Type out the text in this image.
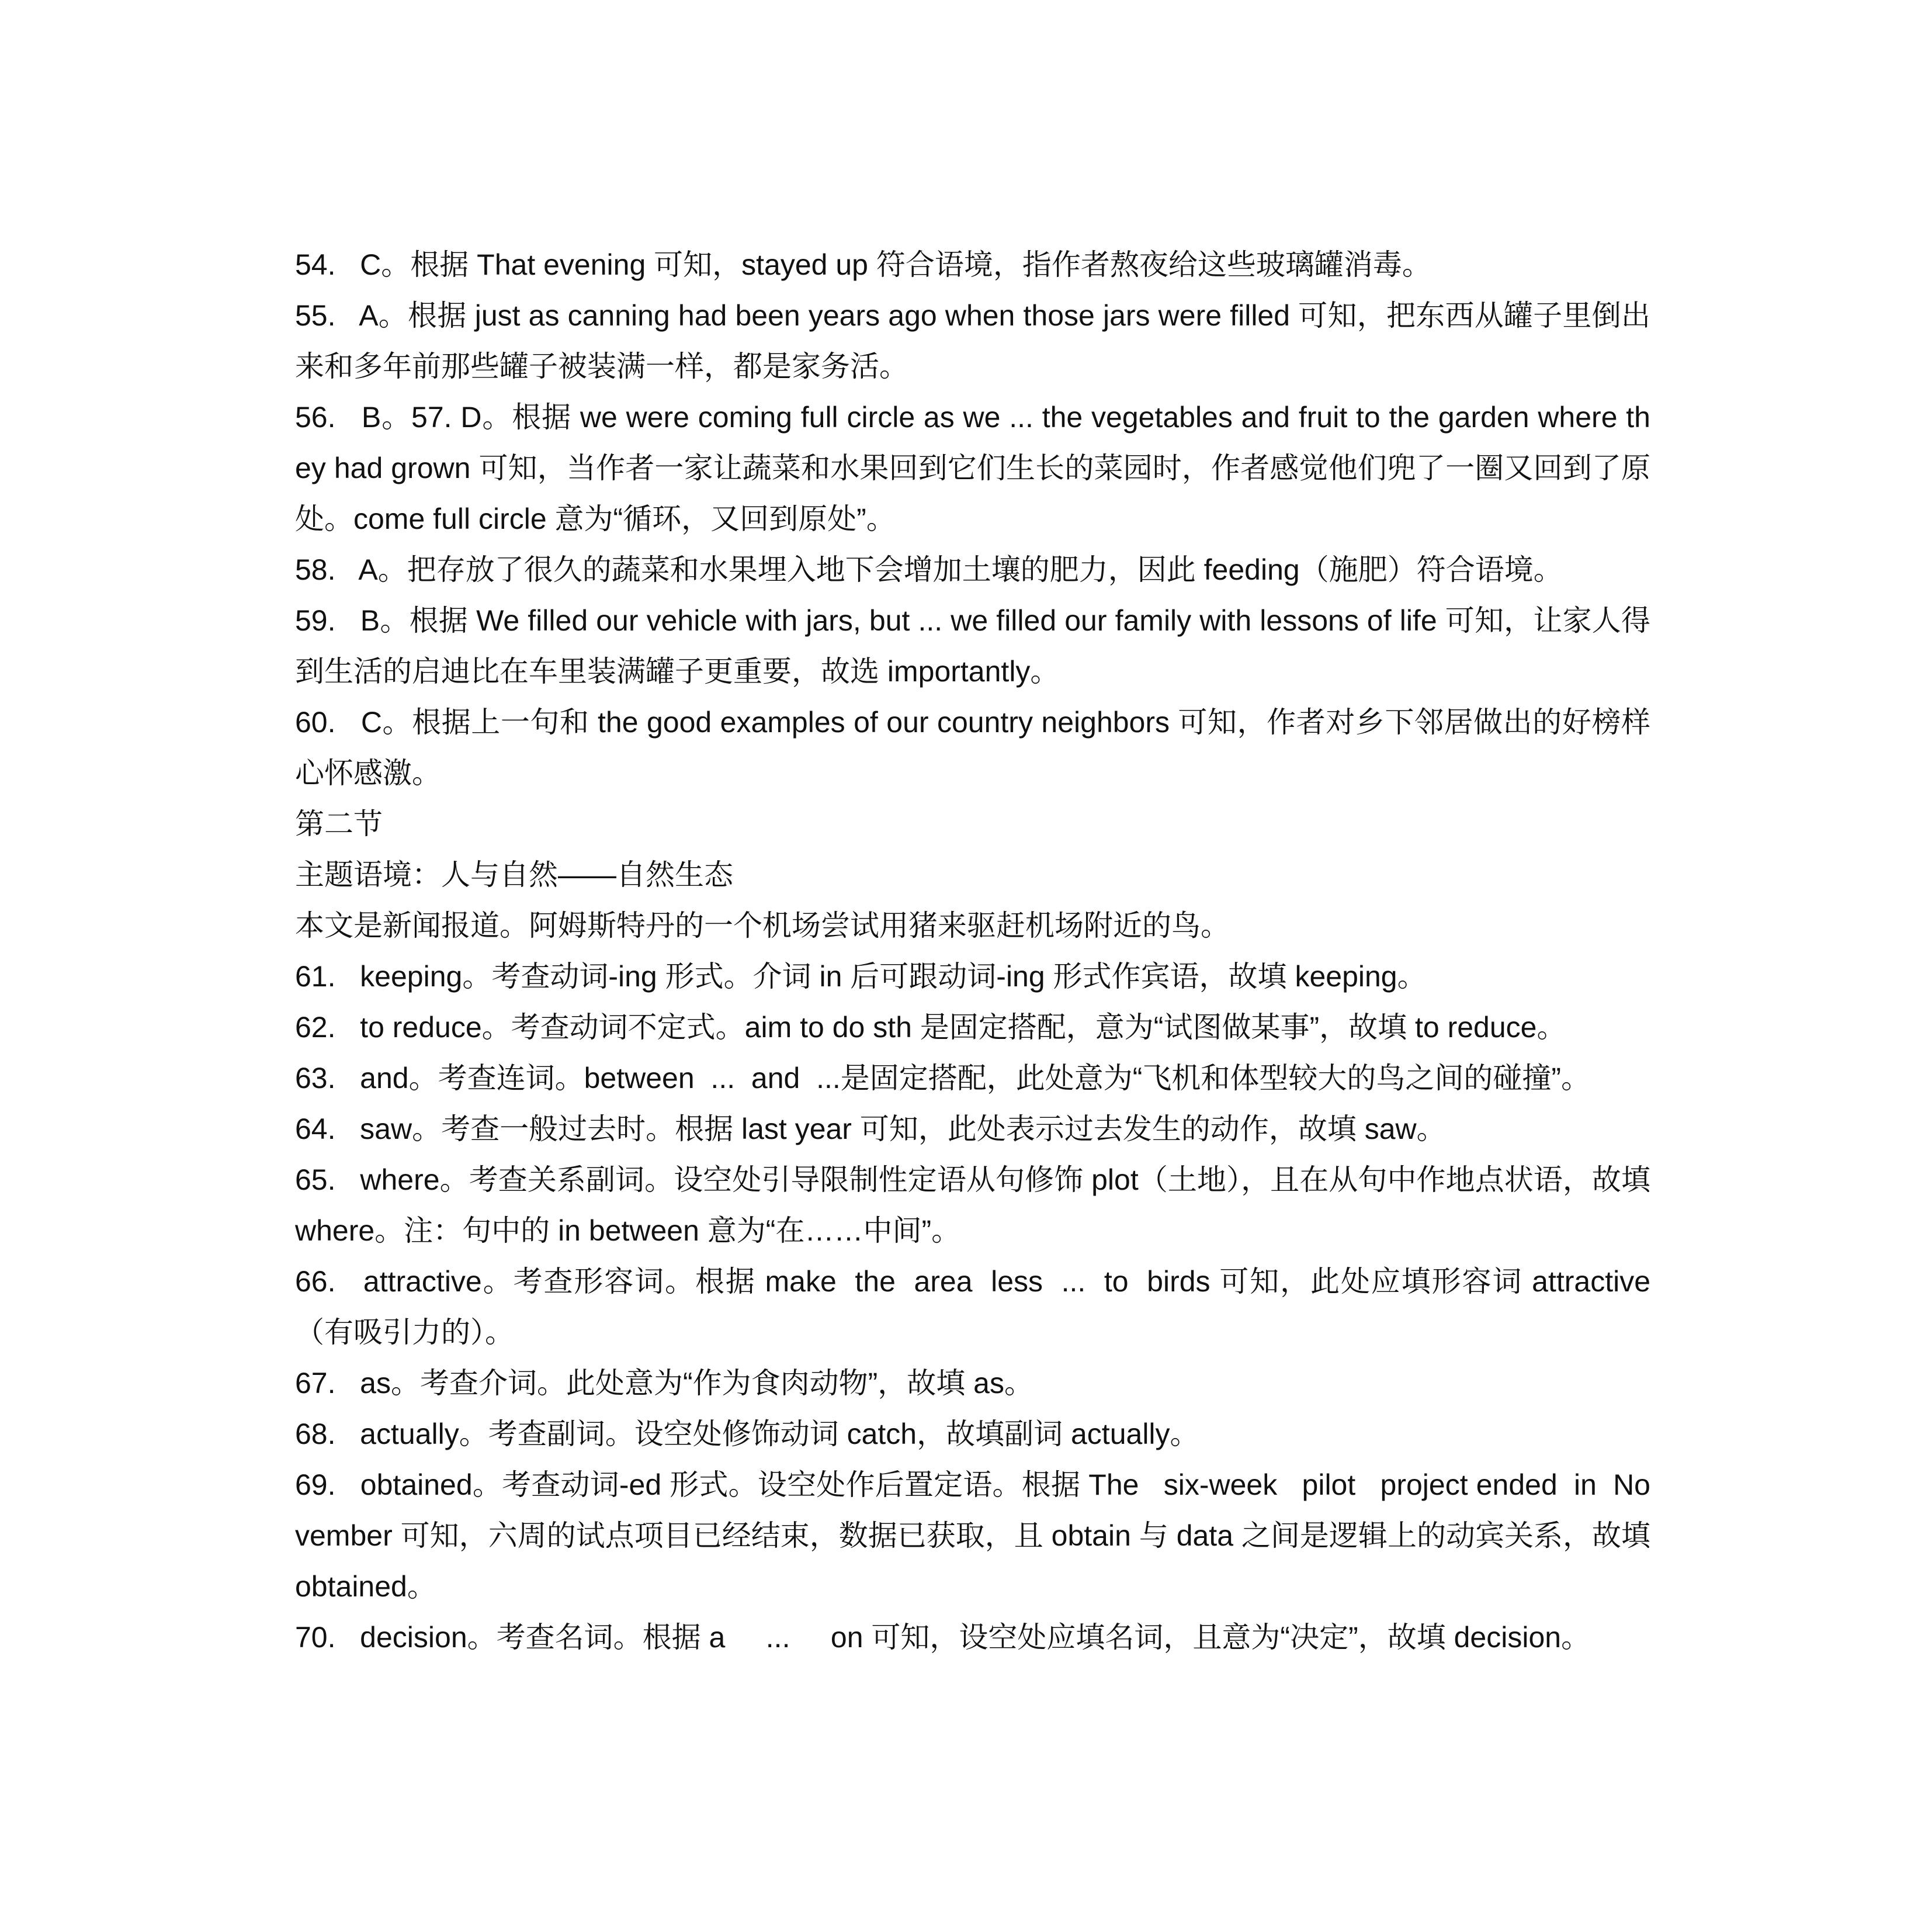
54.   C。根据 That evening 可知，stayed up 符合语境，指作者熬夜给这些玻璃罐消毒。

55.   A。根据 just as canning had been years ago when those jars were filled 可知，把东西从罐子里倒出来和多年前那些罐子被装满一样，都是家务活。

56.   B。57. D。根据 we were coming full circle as we ... the vegetables and fruit to the garden where they had grown 可知，当作者一家让蔬菜和水果回到它们生长的菜园时，作者感觉他们兜了一圈又回到了原处。come full circle 意为“循环，又回到原处”。

58.   A。把存放了很久的蔬菜和水果埋入地下会增加土壤的肥力，因此 feeding（施肥）符合语境。

59.   B。根据 We filled our vehicle with jars, but ... we filled our family with lessons of life 可知，让家人得到生活的启迪比在车里装满罐子更重要，故选 importantly。

60.   C。根据上一句和 the good examples of our country neighbors 可知，作者对乡下邻居做出的好榜样心怀感激。

第二节

主题语境：人与自然——自然生态

本文是新闻报道。阿姆斯特丹的一个机场尝试用猪来驱赶机场附近的鸟。

61.   keeping。考查动词-ing 形式。介词 in 后可跟动词-ing 形式作宾语，故填 keeping。

62.   to reduce。考查动词不定式。aim to do sth 是固定搭配，意为“试图做某事”，故填 to reduce。

63.   and。考查连词。between  ...  and  ...是固定搭配，此处意为“飞机和体型较大的鸟之间的碰撞”。

64.   saw。考查一般过去时。根据 last year 可知，此处表示过去发生的动作，故填 saw。

65.   where。考查关系副词。设空处引导限制性定语从句修饰 plot（土地），且在从句中作地点状语，故填 where。注：句中的 in between 意为“在……中间”。

66.   attractive。考查形容词。根据 make  the  area  less  ...  to  birds 可知，此处应填形容词 attractive（有吸引力的）。

67.   as。考查介词。此处意为“作为食肉动物”，故填 as。

68.   actually。考查副词。设空处修饰动词 catch，故填副词 actually。

69.   obtained。考查动词-ed 形式。设空处作后置定语。根据 The   six-week   pilot   project ended  in  November 可知，六周的试点项目已经结束，数据已获取，且 obtain 与 data 之间是逻辑上的动宾关系，故填 obtained。

70.   decision。考查名词。根据 a     ...     on 可知，设空处应填名词，且意为“决定”，故填 decision。
